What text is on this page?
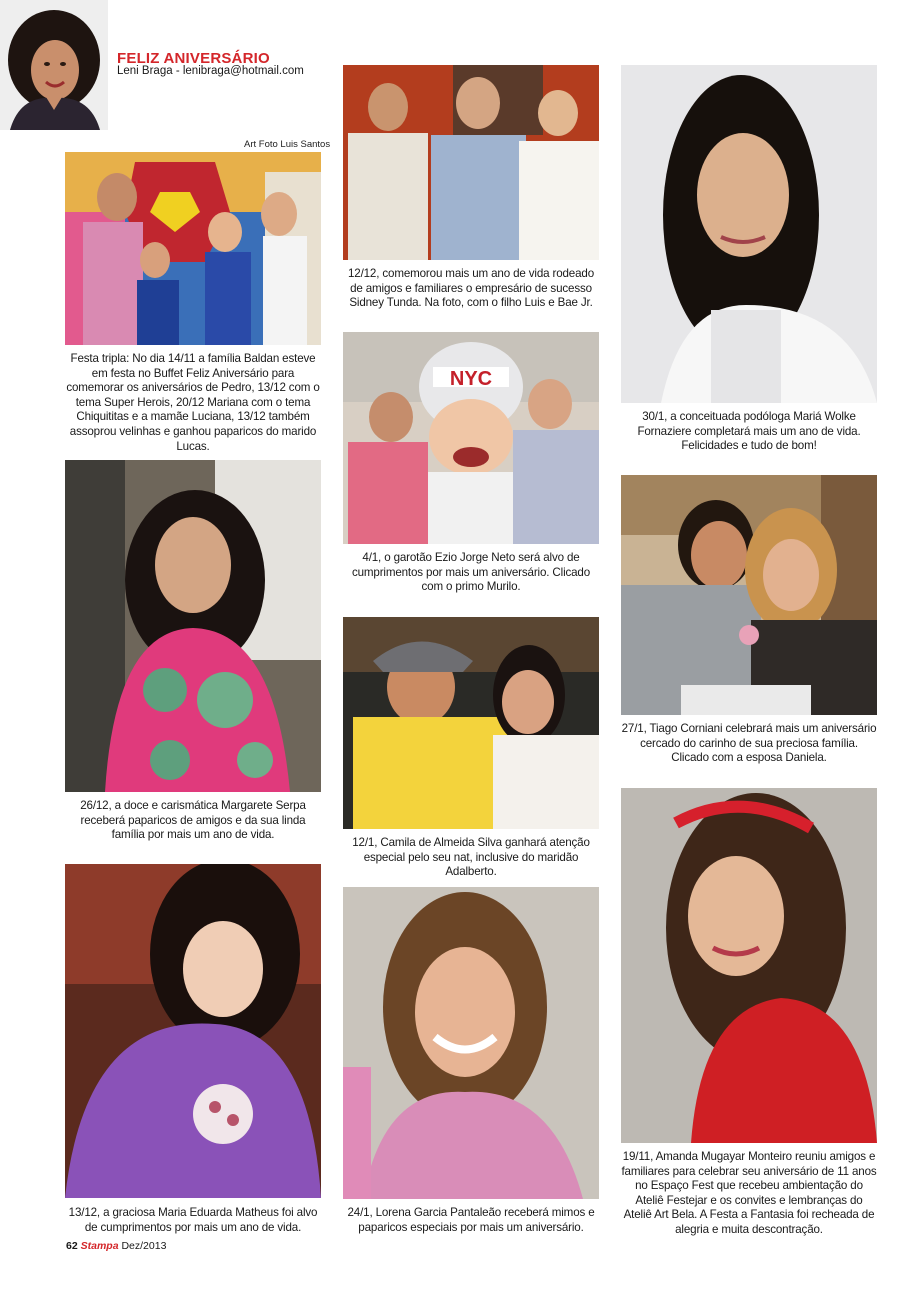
FELIZ ANIVERSÁRIO
Leni Braga - lenibraga@hotmail.com
Art Foto Luis Santos
Festa tripla: No dia 14/11 a família Baldan esteve em festa no Buffet Feliz Aniversário para comemorar os aniversários de Pedro, 13/12 com o tema Super Herois, 20/12 Mariana com o tema Chiquititas e a mamãe Luciana, 13/12 também assoprou velinhas e ganhou paparicos do marido Lucas.
26/12, a doce e carismática Margarete Serpa receberá paparicos de amigos e da sua linda família por mais um ano de vida.
13/12, a graciosa Maria Eduarda Matheus foi alvo de cumprimentos por mais um ano de vida.
12/12, comemorou mais um ano de vida rodeado de amigos e familiares o empresário de sucesso Sidney Tunda. Na foto, com o filho Luis e Bae Jr.
NYC
4/1, o garotão Ezio Jorge Neto será alvo de cumprimentos por mais um aniversário. Clicado com o primo Murilo.
12/1, Camila de Almeida Silva ganhará atenção especial pelo seu nat, inclusive do maridão Adalberto.
24/1, Lorena Garcia Pantaleão receberá mimos e paparicos especiais por mais um aniversário.
30/1, a conceituada podóloga Mariá Wolke Fornaziere completará mais um ano de vida. Felicidades e tudo de bom!
27/1, Tiago Corniani celebrará mais um aniversário cercado do carinho de sua preciosa família. Clicado com a esposa Daniela.
19/11, Amanda Mugayar Monteiro reuniu amigos e familiares para celebrar seu aniversário de 11 anos no Espaço Fest que recebeu ambientação do Ateliê Festejar e os convites e lembranças do Ateliê Art Bela. A Festa a Fantasia foi recheada de alegria e muita descontração.
62 Stampa Dez/2013
